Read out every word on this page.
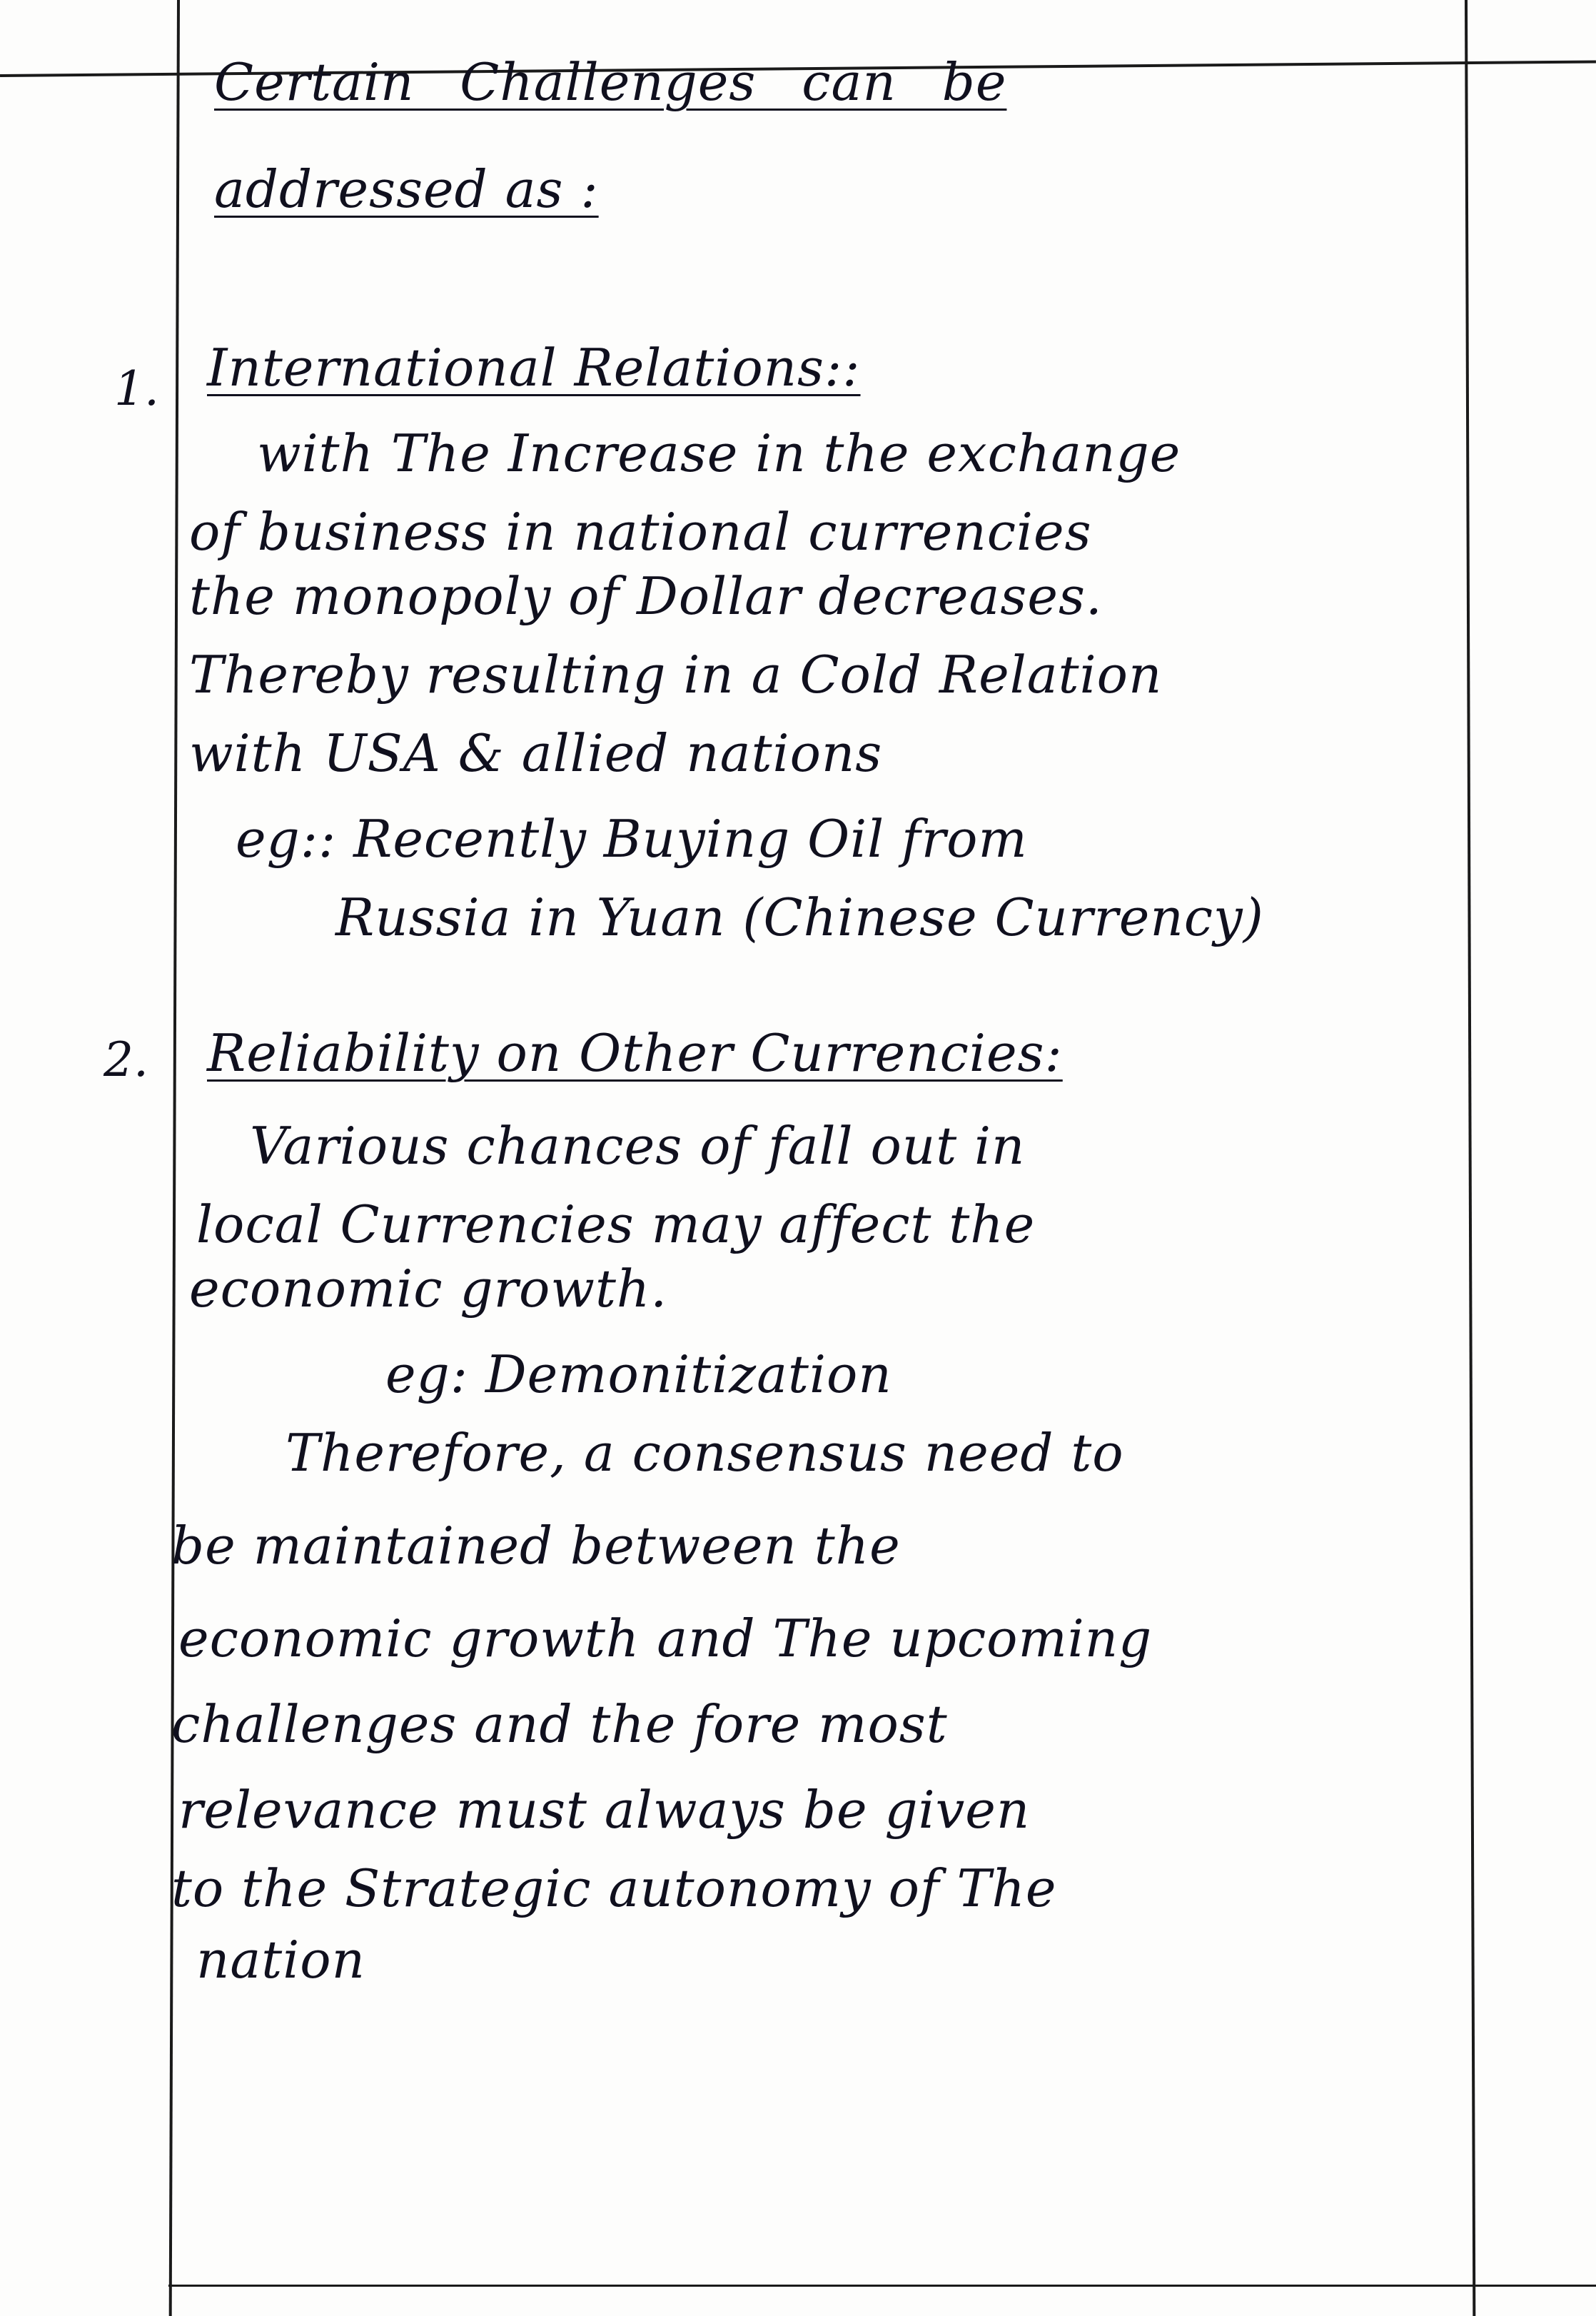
Certain Challenges can be
addressed as :
1. International Relations::
with The Increase in the exchange
of business in national currencies
the monopoly of Dollar decreases.
Thereby resulting in a Cold Relation
with USA & allied nations
eg:: Recently Buying Oil from
Russia in Yuan (Chinese Currency)
2. Reliability on Other Currencies:
Various chances of fall out in
local Currencies may affect the
economic growth.
eg: Demonitization
Therefore, a consensus need to
be maintained between the
economic growth and The upcoming
challenges and the fore most
relevance must always be given
to the Strategic autonomy of The
nation
